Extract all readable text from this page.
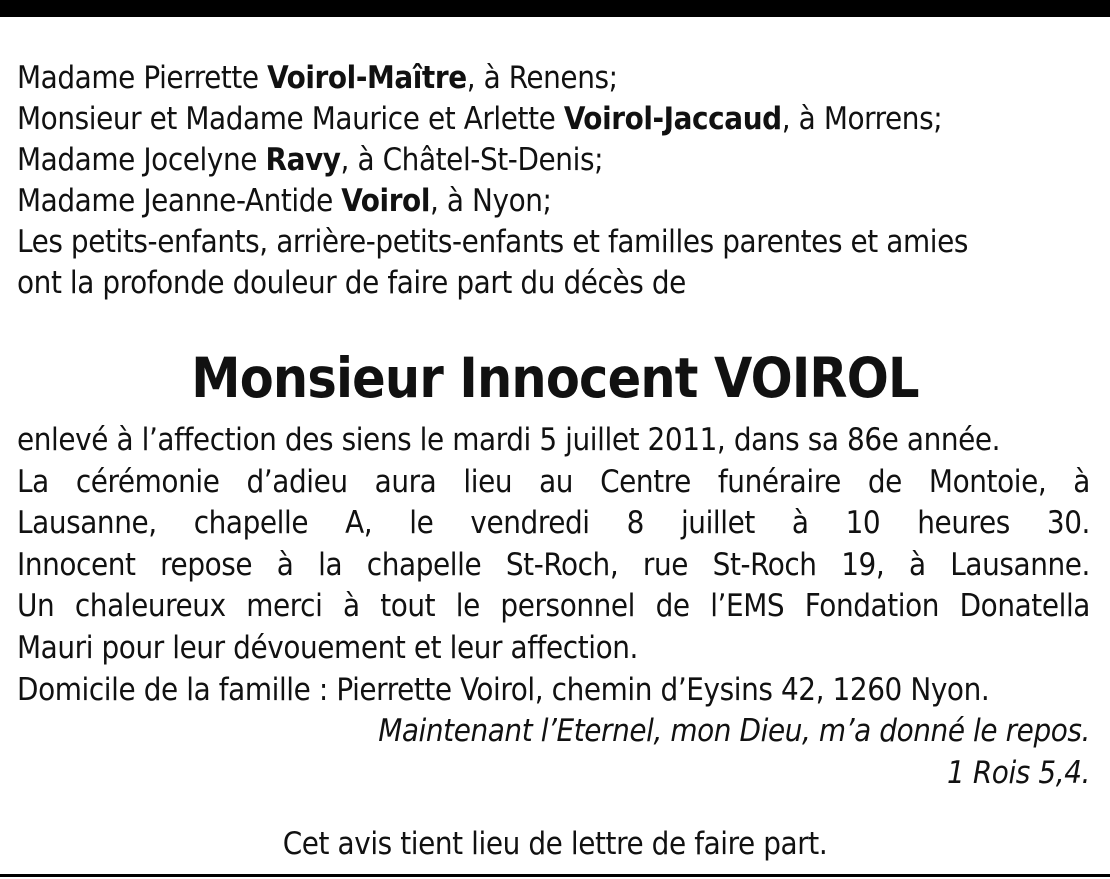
Madame Pierrette Voirol-Maître, à Renens;
Monsieur et Madame Maurice et Arlette Voirol-Jaccaud, à Morrens;
Madame Jocelyne Ravy, à Châtel-St-Denis;
Madame Jeanne-Antide Voirol, à Nyon;
Les petits-enfants, arrière-petits-enfants et familles parentes et amies
ont la profonde douleur de faire part du décès de
Monsieur Innocent VOIROL
enlevé à l’affection des siens le mardi 5 juillet 2011, dans sa 86e année.
La cérémonie d’adieu aura lieu au Centre funéraire de Montoie, à
Lausanne, chapelle A, le vendredi 8 juillet à 10 heures 30.
Innocent repose à la chapelle St-Roch, rue St-Roch 19, à Lausanne.
Un chaleureux merci à tout le personnel de l’EMS Fondation Donatella
Mauri pour leur dévouement et leur affection.
Domicile de la famille : Pierrette Voirol, chemin d’Eysins 42, 1260 Nyon.
Maintenant l’Eternel, mon Dieu, m’a donné le repos.
1 Rois 5,4.
Cet avis tient lieu de lettre de faire part.
